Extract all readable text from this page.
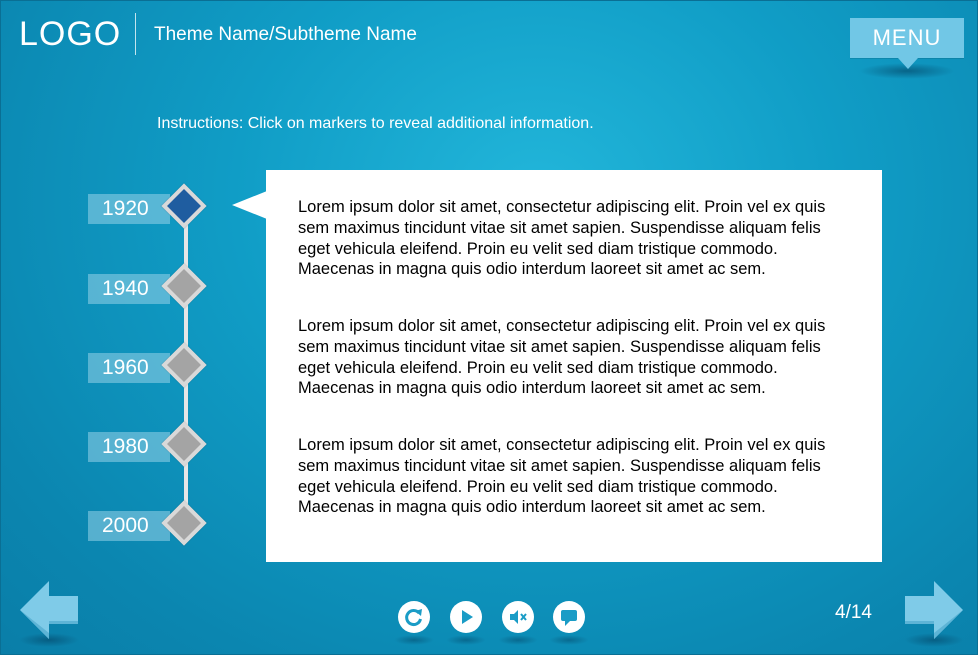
LOGO Theme Name/Subtheme Name	MENU
Instructions: Click on markers to reveal additional information.
1920
1940
1960
1980
2000

Lorem ipsum dolor sit amet, consectetur adipiscing elit. Proin vel ex quis sem maximus tincidunt vitae sit amet sapien. Suspendisse aliquam felis eget vehicula eleifend. Proin eu velit sed diam tristique commodo. Maecenas in magna quis odio interdum laoreet sit amet ac sem.

Lorem ipsum dolor sit amet, consectetur adipiscing elit. Proin vel ex quis sem maximus tincidunt vitae sit amet sapien. Suspendisse aliquam felis eget vehicula eleifend. Proin eu velit sed diam tristique commodo. Maecenas in magna quis odio interdum laoreet sit amet ac sem.

Lorem ipsum dolor sit amet, consectetur adipiscing elit. Proin vel ex quis sem maximus tincidunt vitae sit amet sapien. Suspendisse aliquam felis eget vehicula eleifend. Proin eu velit sed diam tristique commodo. Maecenas in magna quis odio interdum laoreet sit amet ac sem.

4/14
